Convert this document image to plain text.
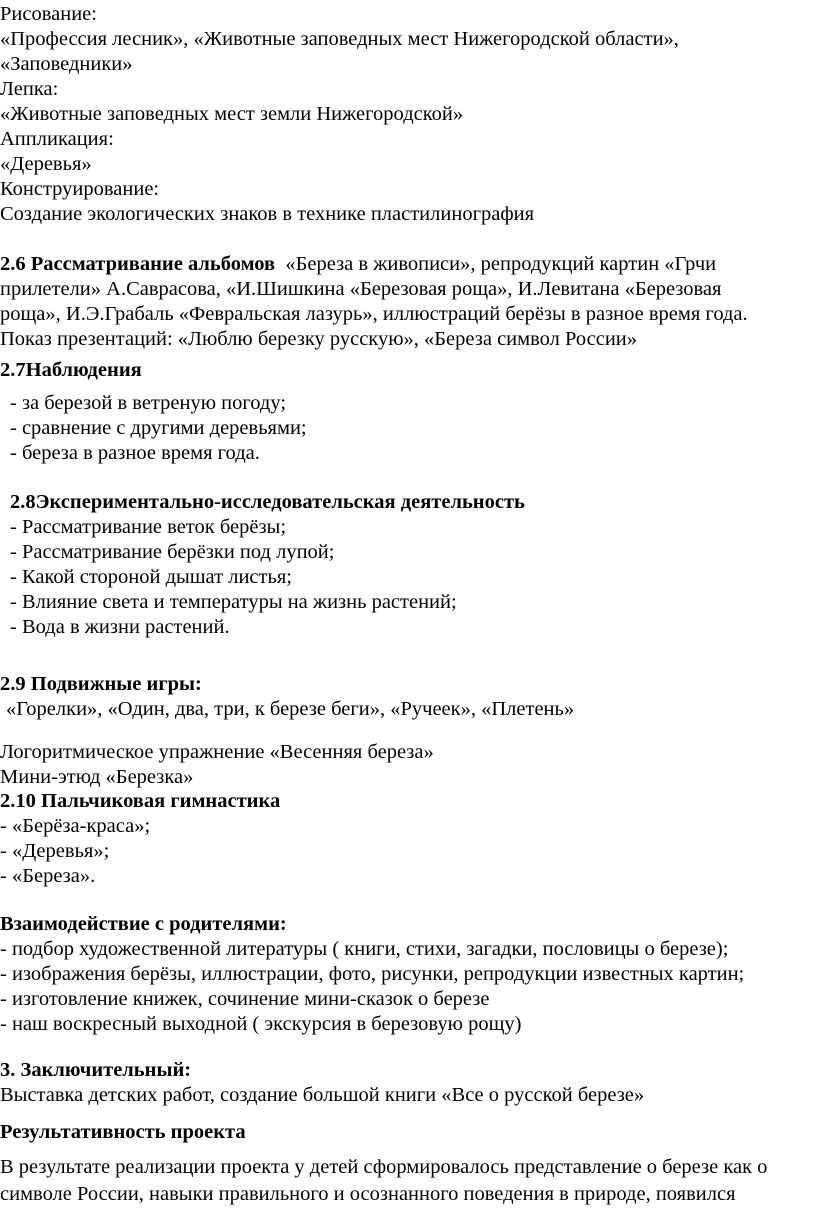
Рисование:
«Профессия лесник», «Животные заповедных мест Нижегородской области»,
«Заповедники»
Лепка:
«Животные заповедных мест земли Нижегородской»
Аппликация:
«Деревья»
Конструирование:
Создание экологических знаков в технике пластилинография
2.6 Рассматривание альбомов «Береза в живописи», репродукций картин «Грчи
прилетели» А.Саврасова, «И.Шишкина «Березовая роща», И.Левитана «Березовая
роща», И.Э.Грабаль «Февральская лазурь», иллюстраций берёзы в разное время года.
Показ презентаций: «Люблю березку русскую», «Береза символ России»
2.7Наблюдения
- за березой в ветреную погоду;
- сравнение с другими деревьями;
- береза в разное время года.
2.8Экспериментально-исследовательская деятельность
- Рассматривание веток берёзы;
- Рассматривание берёзки под лупой;
- Какой стороной дышат листья;
- Влияние света и температуры на жизнь растений;
- Вода в жизни растений.
2.9 Подвижные игры:
«Горелки», «Один, два, три, к березе беги», «Ручеек», «Плетень»
Логоритмическое упражнение «Весенняя береза»
Мини-этюд «Березка»
2.10 Пальчиковая гимнастика
- «Берёза-краса»;
- «Деревья»;
- «Береза».
Взаимодействие с родителями:
- подбор художественной литературы ( книги, стихи, загадки, пословицы о березе);
- изображения берёзы, иллюстрации, фото, рисунки, репродукции известных картин;
- изготовление книжек, сочинение мини-сказок о березе
- наш воскресный выходной ( экскурсия в березовую рощу)
3. Заключительный:
Выставка детских работ, создание большой книги «Все о русской березе»
Результативность проекта
В результате реализации проекта у детей сформировалось представление о березе как о
символе России, навыки правильного и осознанного поведения в природе, появился
